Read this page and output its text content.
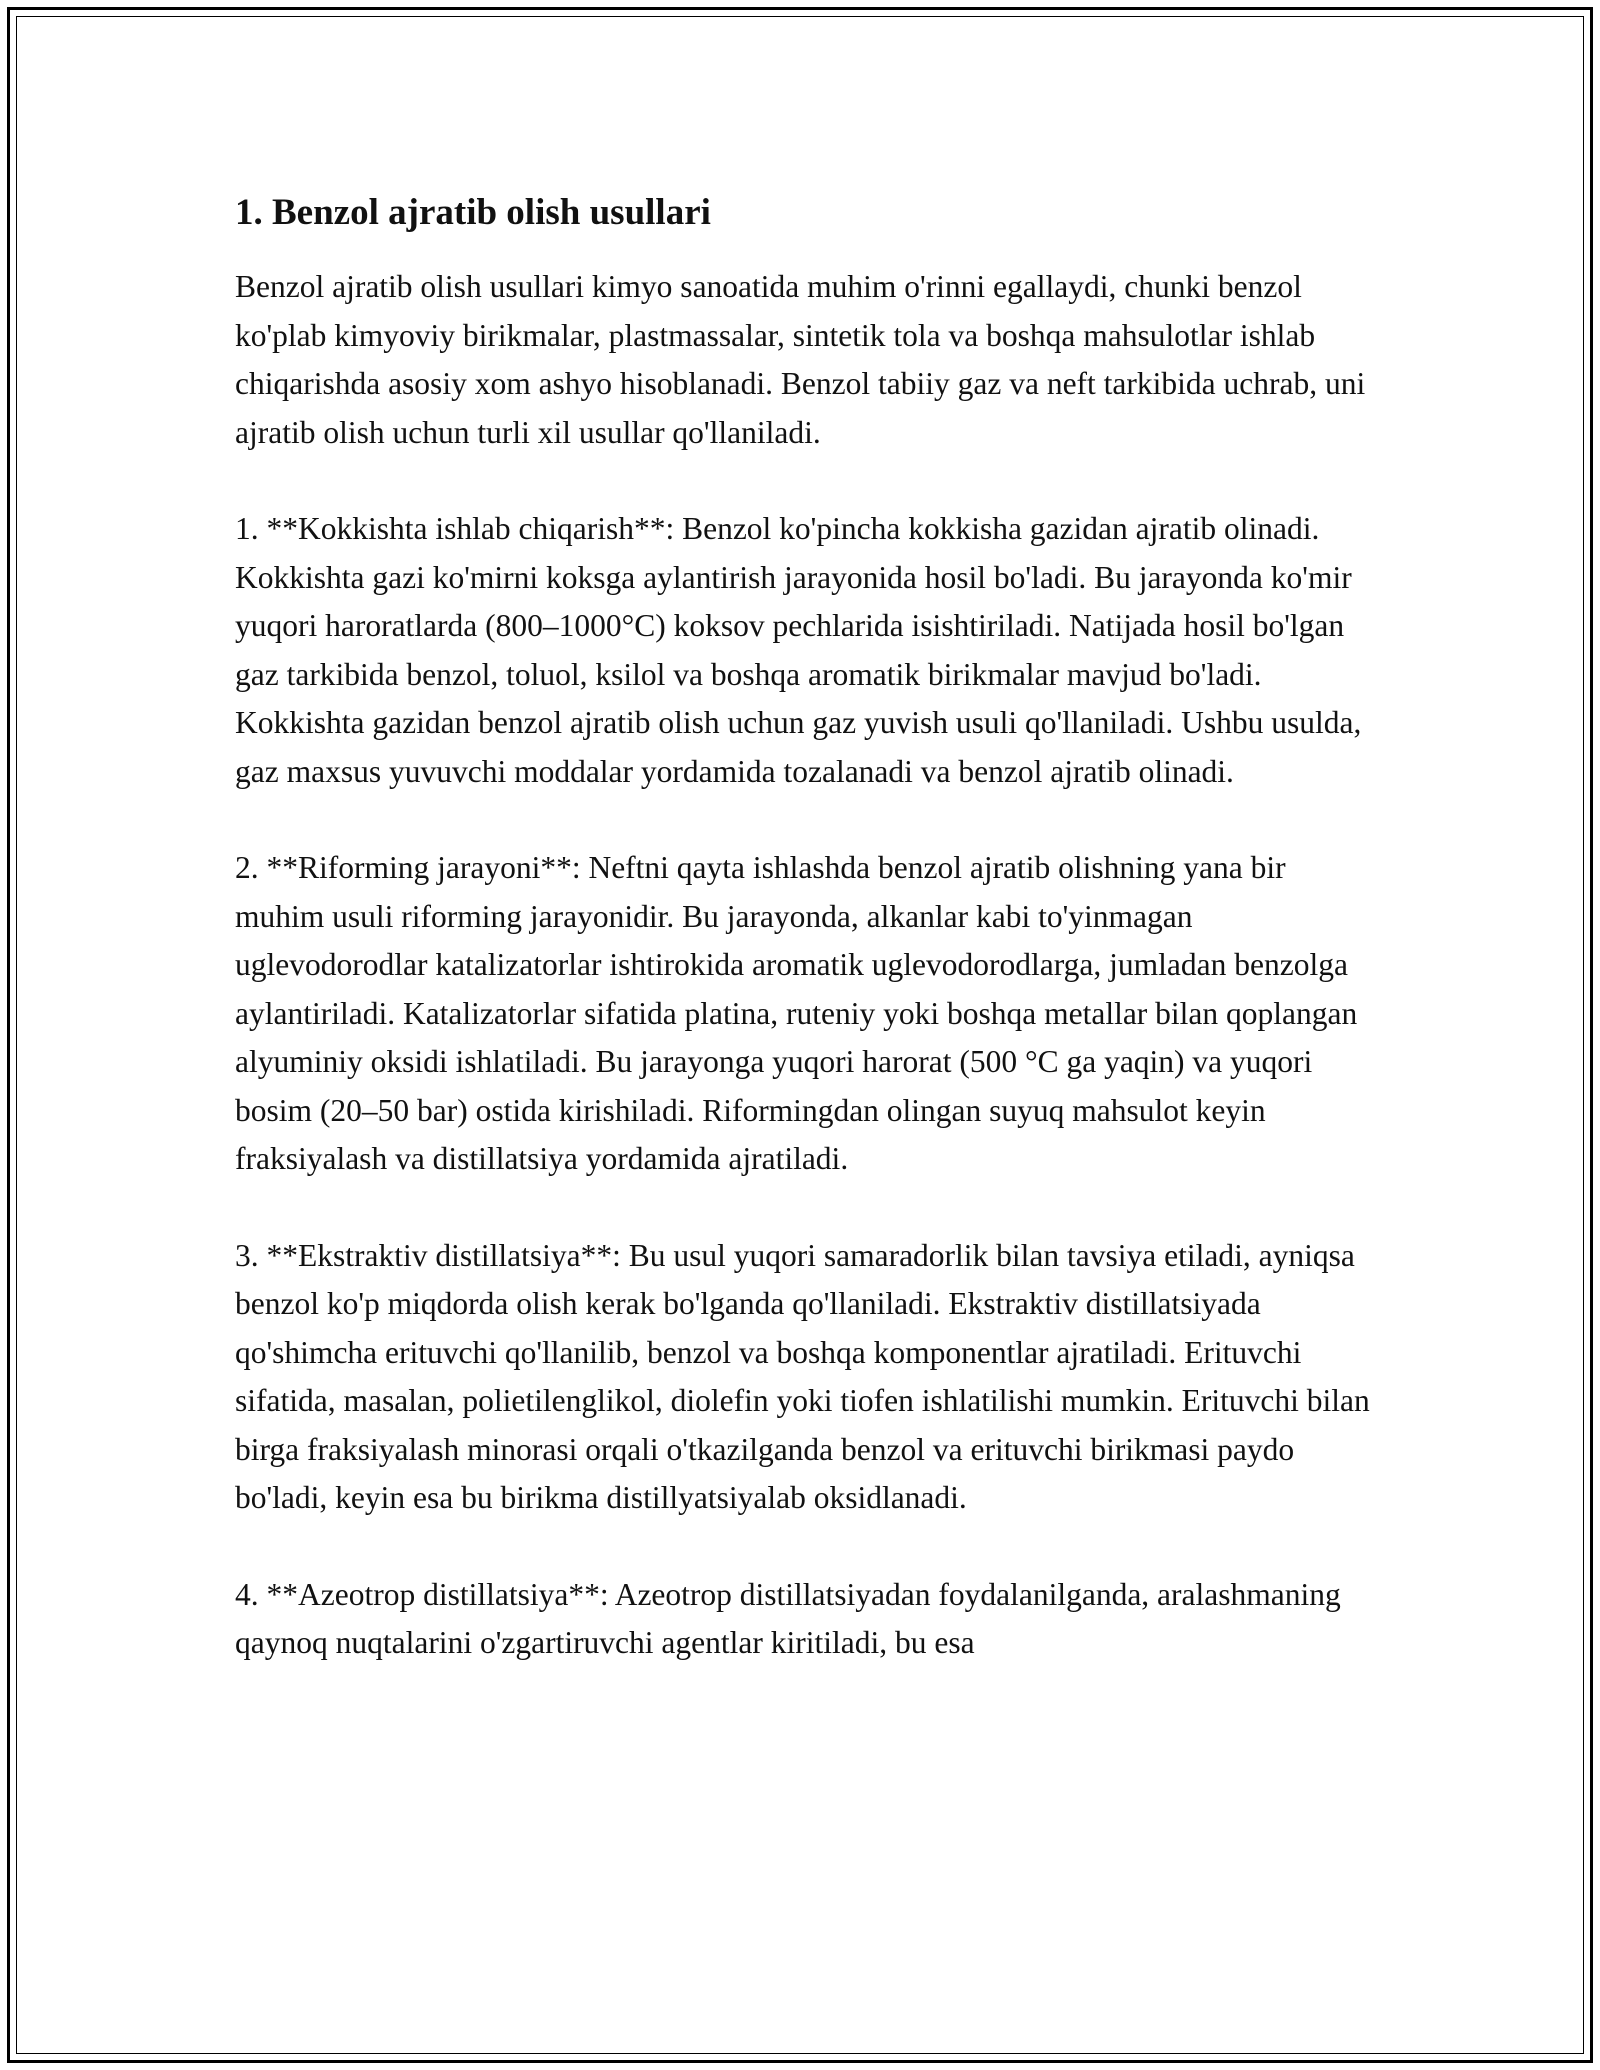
1. Benzol ajratib olish usullari

Benzol ajratib olish usullari kimyo sanoatida muhim o'rinni egallaydi, chunki benzol ko'plab kimyoviy birikmalar, plastmassalar, sintetik tola va boshqa mahsulotlar ishlab chiqarishda asosiy xom ashyo hisoblanadi. Benzol tabiiy gaz va neft tarkibida uchrab, uni ajratib olish uchun turli xil usullar qo'llaniladi.

1. **Kokkishta ishlab chiqarish**: Benzol ko'pincha kokkisha gazidan ajratib olinadi. Kokkishta gazi ko'mirni koksga aylantirish jarayonida hosil bo'ladi. Bu jarayonda ko'mir yuqori haroratlarda (800–1000°C) koksov pechlarida isishtiriladi. Natijada hosil bo'lgan gaz tarkibida benzol, toluol, ksilol va boshqa aromatik birikmalar mavjud bo'ladi. Kokkishta gazidan benzol ajratib olish uchun gaz yuvish usuli qo'llaniladi. Ushbu usulda, gaz maxsus yuvuvchi moddalar yordamida tozalanadi va benzol ajratib olinadi.

2. **Riforming jarayoni**: Neftni qayta ishlashda benzol ajratib olishning yana bir muhim usuli riforming jarayonidir. Bu jarayonda, alkanlar kabi to'yinmagan uglevodorodlar katalizatorlar ishtirokida aromatik uglevodorodlarga, jumladan benzolga aylantiriladi. Katalizatorlar sifatida platina, ruteniy yoki boshqa metallar bilan qoplangan alyuminiy oksidi ishlatiladi. Bu jarayonga yuqori harorat (500 °C ga yaqin) va yuqori bosim (20–50 bar) ostida kirishiladi. Riformingdan olingan suyuq mahsulot keyin fraksiyalash va distillatsiya yordamida ajratiladi.

3. **Ekstraktiv distillatsiya**: Bu usul yuqori samaradorlik bilan tavsiya etiladi, ayniqsa benzol ko'p miqdorda olish kerak bo'lganda qo'llaniladi. Ekstraktiv distillatsiyada qo'shimcha erituvchi qo'llanilib, benzol va boshqa komponentlar ajratiladi. Erituvchi sifatida, masalan, polietilenglikol, diolefin yoki tiofen ishlatilishi mumkin. Erituvchi bilan birga fraksiyalash minorasi orqali o'tkazilganda benzol va erituvchi birikmasi paydo bo'ladi, keyin esa bu birikma distillyatsiyalab oksidlanadi.

4. **Azeotrop distillatsiya**: Azeotrop distillatsiyadan foydalanilganda, aralashmaning qaynoq nuqtalarini o'zgartiruvchi agentlar kiritiladi, bu esa
